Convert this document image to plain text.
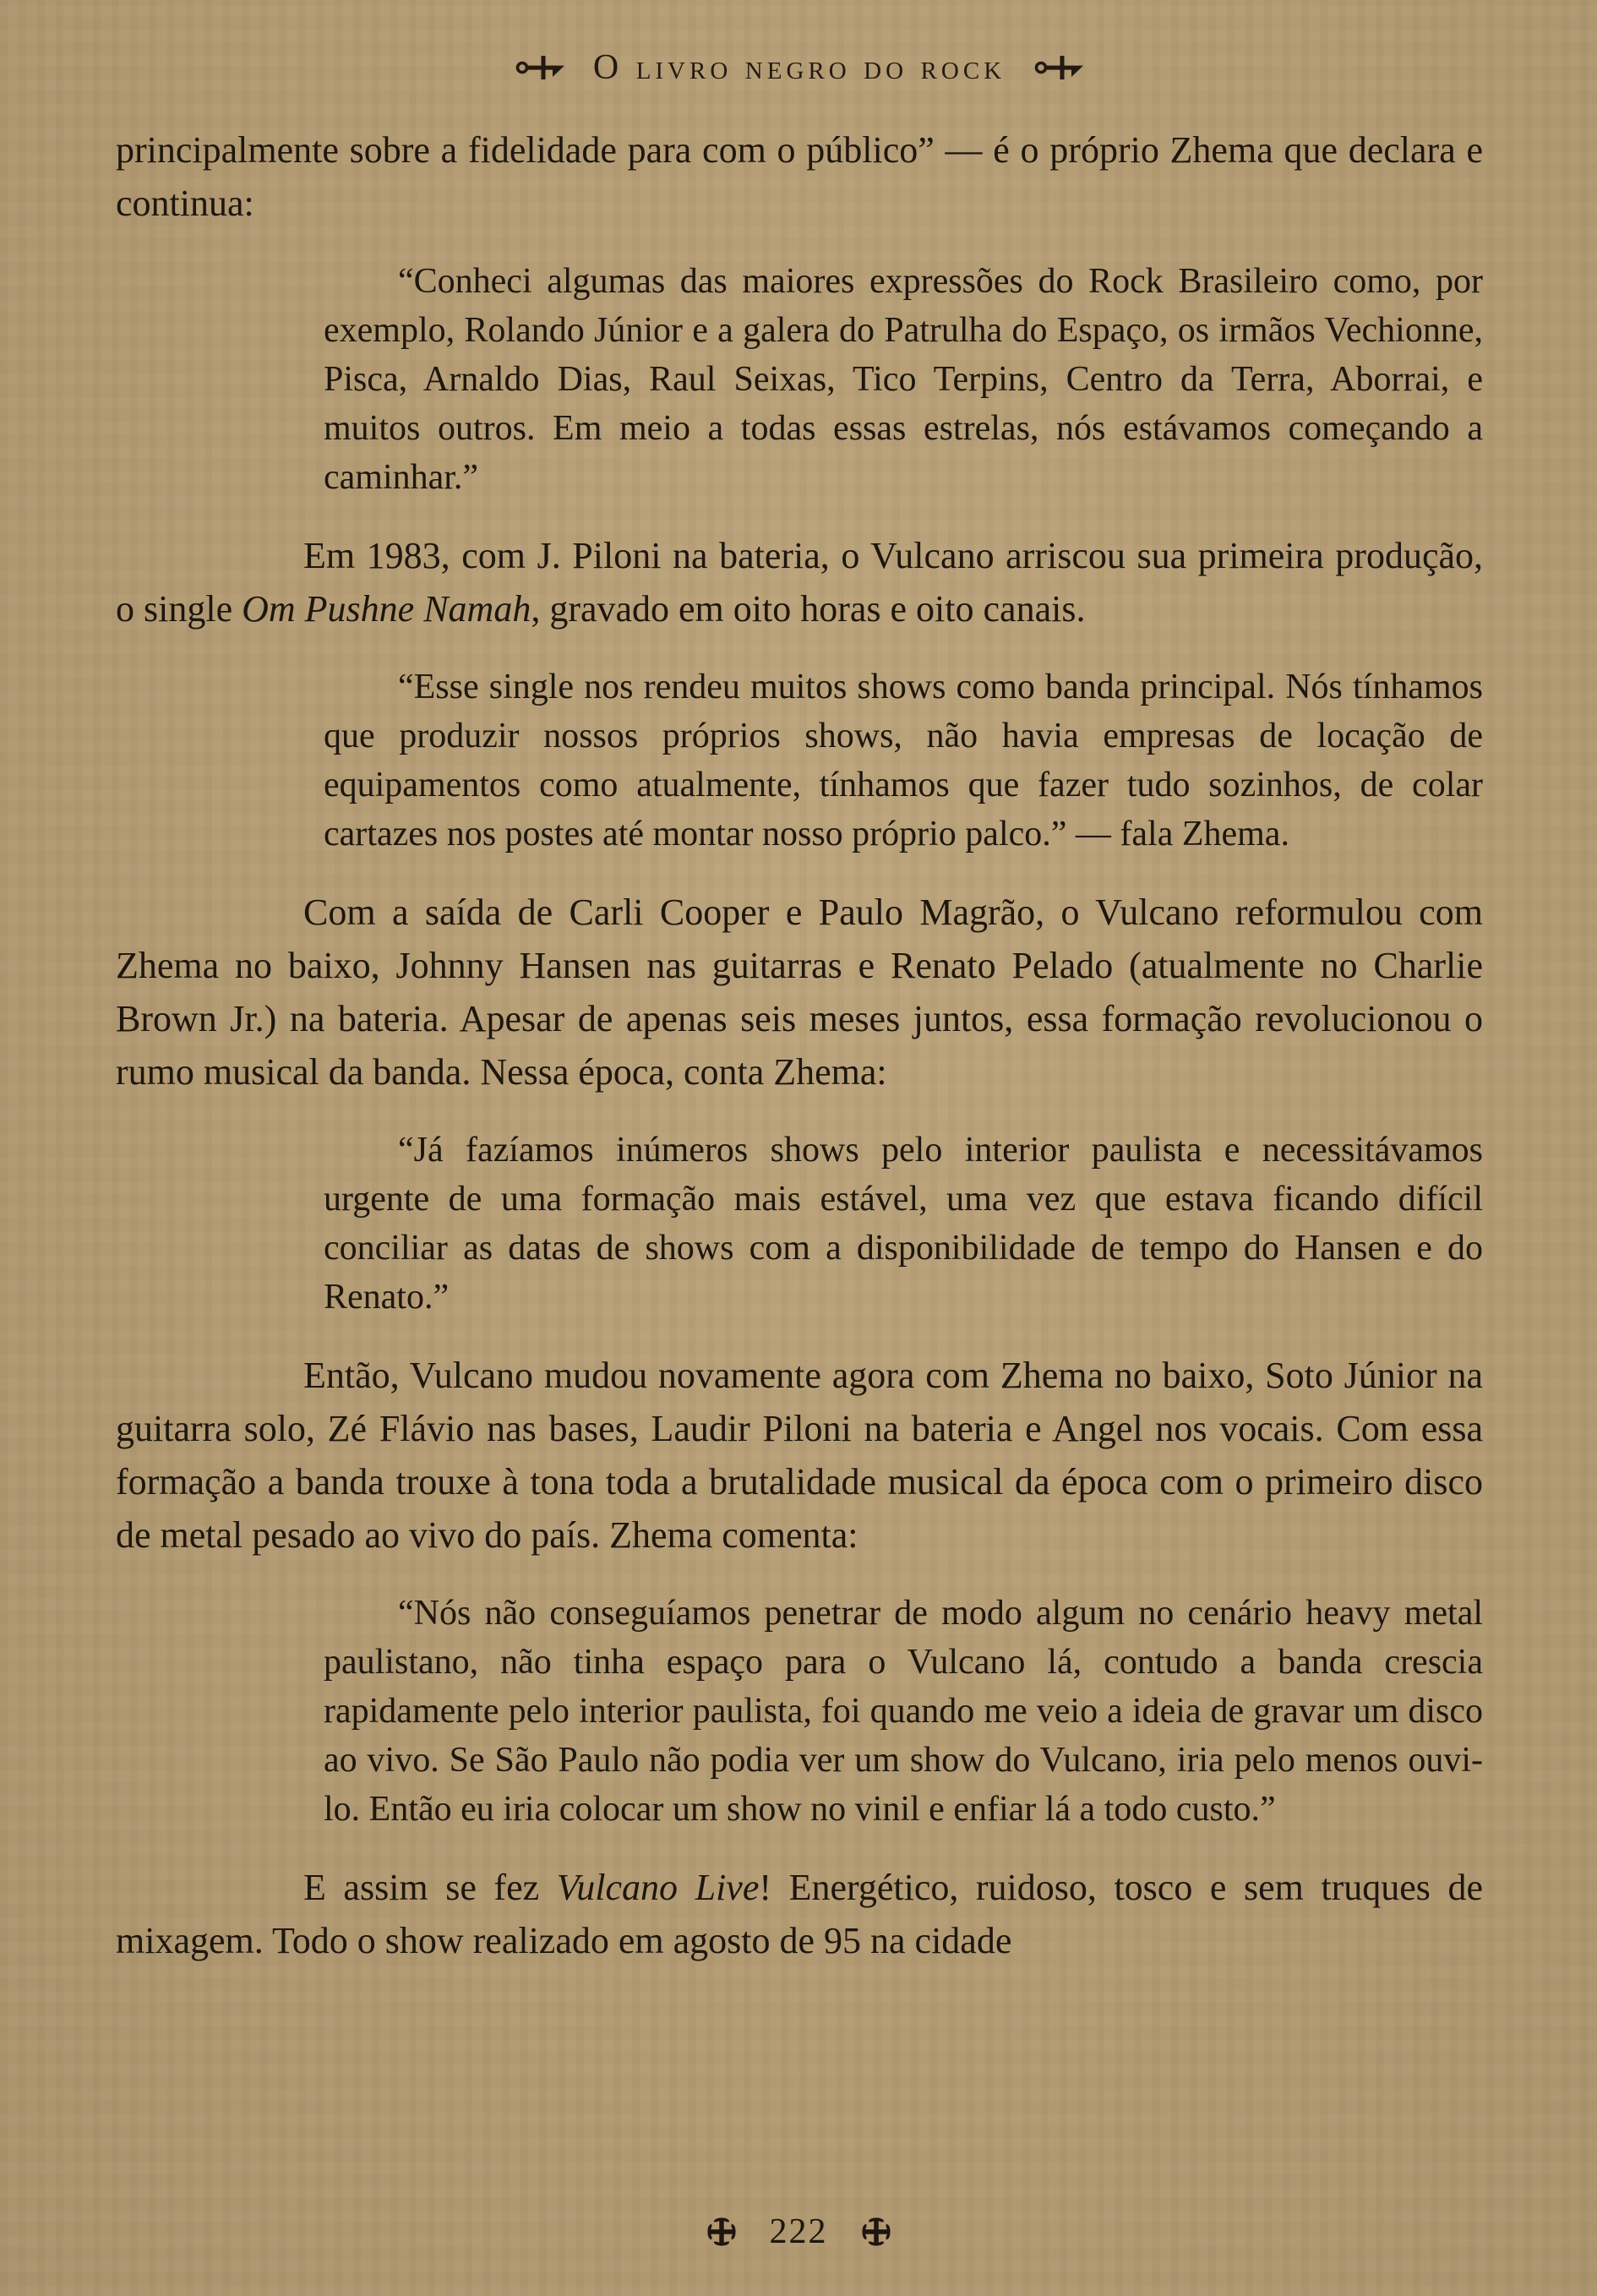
O livro negro do rock

principalmente sobre a fidelidade para com o público” — é o próprio Zhema que declara e continua:

“Conheci algumas das maiores expressões do Rock Brasileiro como, por exemplo, Rolando Júnior e a galera do Patrulha do Espaço, os irmãos Vechionne, Pisca, Arnaldo Dias, Raul Seixas, Tico Terpins, Centro da Terra, Aborrai, e muitos outros. Em meio a todas essas estrelas, nós estávamos começando a caminhar.”

Em 1983, com J. Piloni na bateria, o Vulcano arriscou sua primeira produção, o single Om Pushne Namah, gravado em oito horas e oito canais.

“Esse single nos rendeu muitos shows como banda principal. Nós tínhamos que produzir nossos próprios shows, não havia empresas de locação de equipamentos como atualmente, tínhamos que fazer tudo sozinhos, de colar cartazes nos postes até montar nosso próprio palco.” — fala Zhema.

Com a saída de Carli Cooper e Paulo Magrão, o Vulcano reformulou com Zhema no baixo, Johnny Hansen nas guitarras e Renato Pelado (atualmente no Charlie Brown Jr.) na bateria. Apesar de apenas seis meses juntos, essa formação revolucionou o rumo musical da banda. Nessa época, conta Zhema:

“Já fazíamos inúmeros shows pelo interior paulista e necessitávamos urgente de uma formação mais estável, uma vez que estava ficando difícil conciliar as datas de shows com a disponibilidade de tempo do Hansen e do Renato.”

Então, Vulcano mudou novamente agora com Zhema no baixo, Soto Júnior na guitarra solo, Zé Flávio nas bases, Laudir Piloni na bateria e Angel nos vocais. Com essa formação a banda trouxe à tona toda a brutalidade musical da época com o primeiro disco de metal pesado ao vivo do país. Zhema comenta:

“Nós não conseguíamos penetrar de modo algum no cenário heavy metal paulistano, não tinha espaço para o Vulcano lá, contudo a banda crescia rapidamente pelo interior paulista, foi quando me veio a ideia de gravar um disco ao vivo. Se São Paulo não podia ver um show do Vulcano, iria pelo menos ouvi-lo. Então eu iria colocar um show no vinil e enfiar lá a todo custo.”

E assim se fez Vulcano Live! Energético, ruidoso, tosco e sem truques de mixagem. Todo o show realizado em agosto de 95 na cidade

222
